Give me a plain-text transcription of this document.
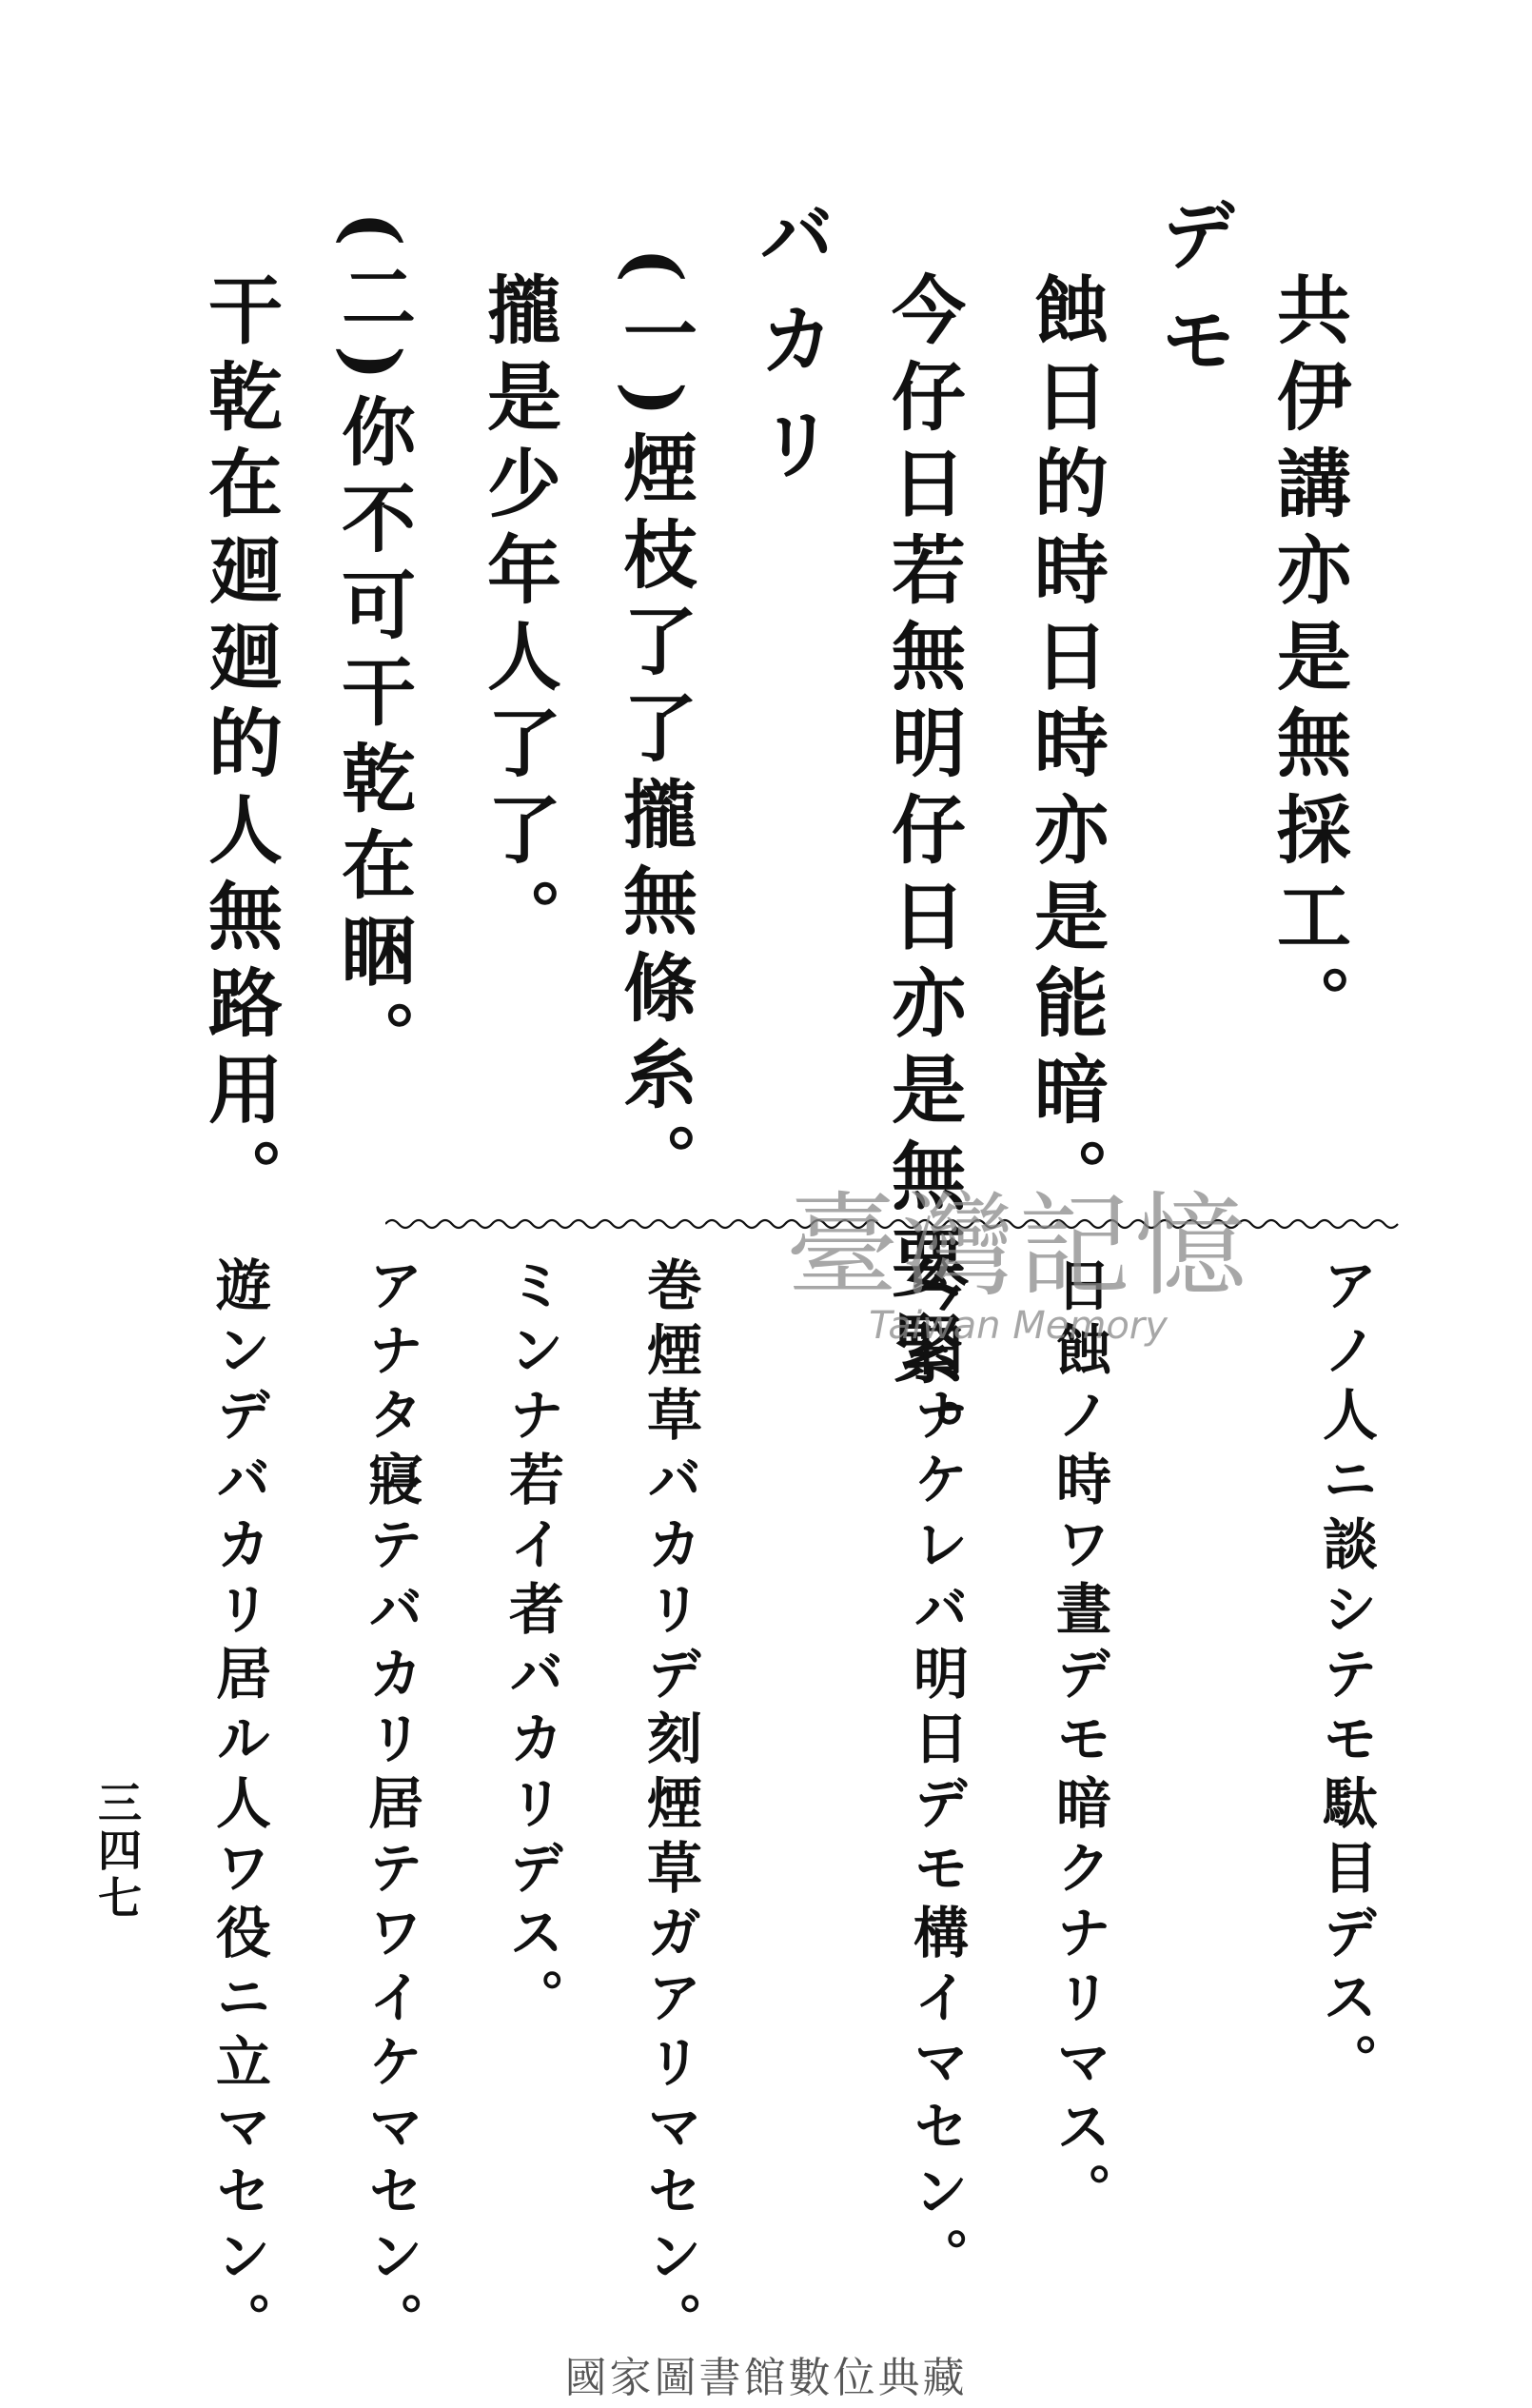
共伊講亦是無採工。
デモ
蝕日的時日時亦是能暗。
今仔日若無明仔日亦是無要緊。
バカリ
(一)煙枝了了攏無條糸。
攏是少年人了了。
(二)你不可干乾在睏。
干乾在廻廻的人無路用。
アノ人ニ談シテモ駄目デス。
日蝕ノ時ワ晝デモ暗クナリマス。
今日ナケレバ明日デモ構イマセン。
巻煙草バカリデ刻煙草ガアリマセン。
ミンナ若イ者バカリデス。
アナタ寢テバカリ居テワイケマセン。
遊ンデバカリ居ル人ワ役ニ立マセン。
三四七
臺灣記憶
Taiwan Memory
國家圖書館數位典藏
